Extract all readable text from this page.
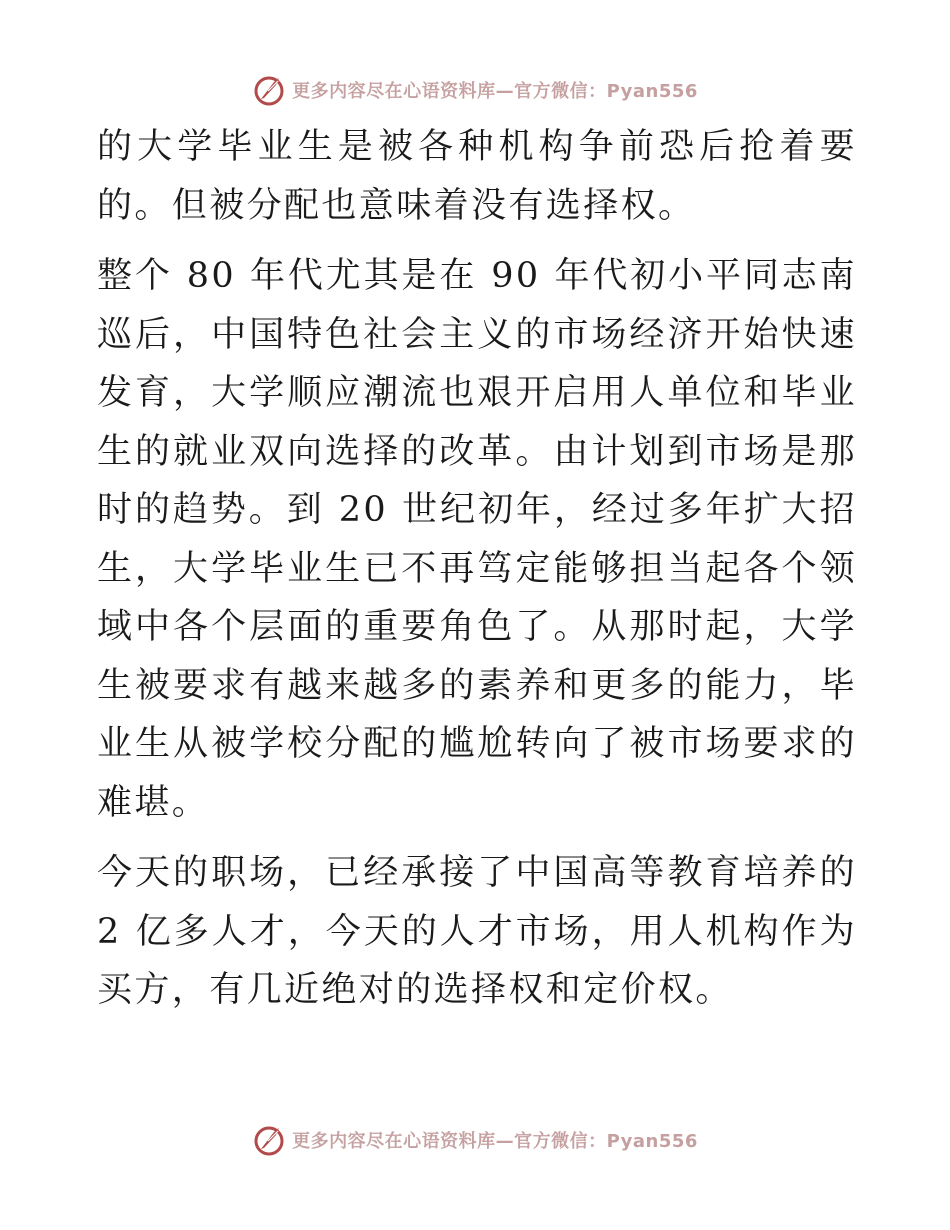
更多内容尽在心语资料库—官方微信：Pyan556

的大学毕业生是被各种机构争前恐后抢着要的。但被分配也意味着没有选择权。

整个 80 年代尤其是在 90 年代初小平同志南巡后，中国特色社会主义的市场经济开始快速发育，大学顺应潮流也艰开启用人单位和毕业生的就业双向选择的改革。由计划到市场是那时的趋势。到 20 世纪初年，经过多年扩大招生，大学毕业生已不再笃定能够担当起各个领域中各个层面的重要角色了。从那时起，大学生被要求有越来越多的素养和更多的能力，毕业生从被学校分配的尴尬转向了被市场要求的难堪。

今天的职场，已经承接了中国高等教育培养的 2 亿多人才，今天的人才市场，用人机构作为买方，有几近绝对的选择权和定价权。

更多内容尽在心语资料库—官方微信：Pyan556
